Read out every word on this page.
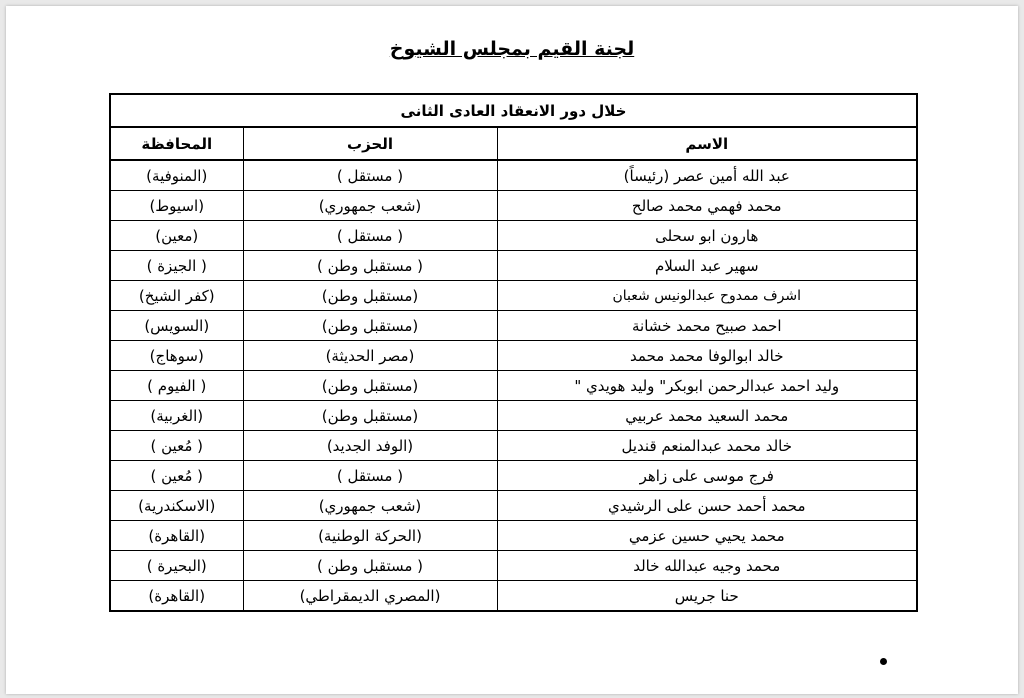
لجنة القيم بمجلس الشيوخ
خلال دور الانعقاد العادى الثانى		
الاسم	الحزب	المحافظة
عبد الله أمين عصر (رئيساً)	( مستقل )	(المنوفية)
محمد فهمي محمد صالح	(شعب جمهوري)	(اسيوط)
هارون ابو سحلى	( مستقل )	(معين)
سهير عبد السلام	( مستقبل وطن )	( الجيزة )
اشرف ممدوح عبدالونيس شعبان	(مستقبل وطن)	(كفر الشيخ)
احمد صبيح محمد خشانة	(مستقبل وطن)	(السويس)
خالد ابوالوفا محمد محمد	(مصر الحديثة)	(سوهاج)
وليد احمد عبدالرحمن ابوبكر" وليد هويدي "	(مستقبل وطن)	( الفيوم )
محمد السعيد محمد عربيي	(مستقبل وطن)	(الغربية)
خالد محمد عبدالمنعم قنديل	(الوفد الجديد)	( مُعين )
فرج موسى على زاهر	( مستقل )	( مُعين )
محمد أحمد حسن على الرشيدي	(شعب جمهوري)	(الاسكندرية)
محمد يحيي حسين عزمي	(الحركة الوطنية)	(القاهرة)
محمد وجيه عبدالله خالد	( مستقبل وطن )	(البحيرة )
حنا جريس	(المصري الديمقراطي)	(القاهرة)
